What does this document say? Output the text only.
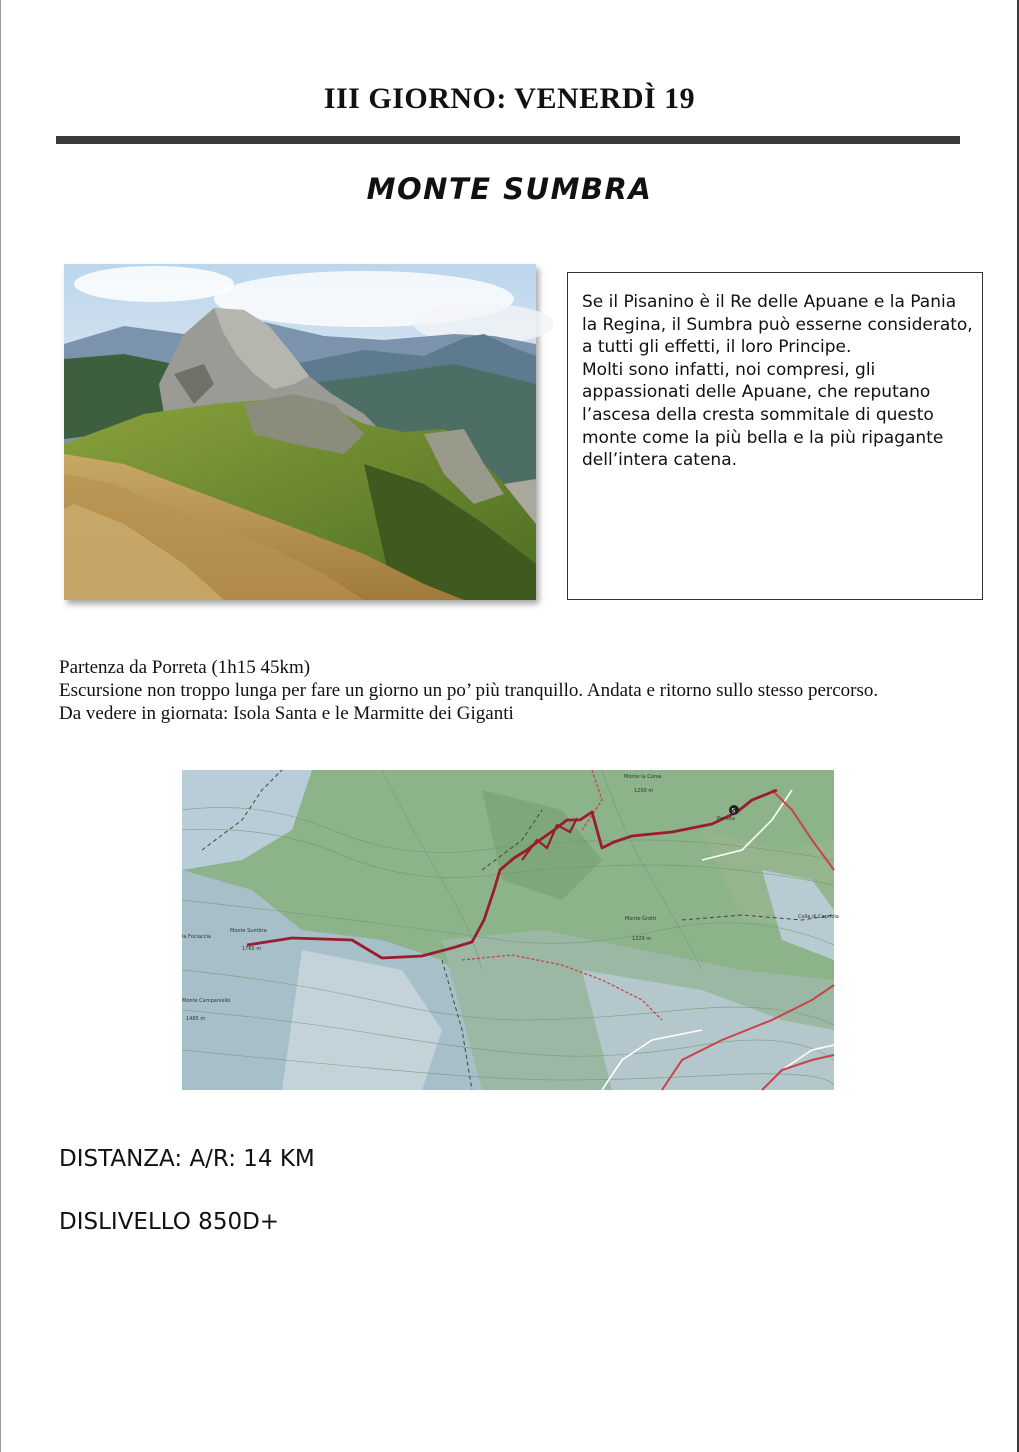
III GIORNO: VENERDÌ 19
MONTE SUMBRA

Se il Pisanino è il Re delle Apuane e la Pania la Regina, il Sumbra può esserne considerato, a tutti gli effetti, il loro Principe.
Molti sono infatti, noi compresi, gli appassionati delle Apuane, che reputano l’ascesa della cresta sommitale di questo monte come la più bella e la più ripagante dell’intera catena.

Partenza da Porreta (1h15 45km)
Escursione non troppo lunga per fare un giorno un po’ più tranquillo. Andata e ritorno sullo stesso percorso.
Da vedere in giornata: Isola Santa e le Marmitte dei Giganti
S
Monte Sumbra
1765 m
Monte la Corsa
1250 m
Porreta
Monte Grotti
1329 m
Colle di Capriola
la Fociaccia
Monte Campaniello
1485 m
DISTANZA: A/R: 14 KM
DISLIVELLO 850D+
